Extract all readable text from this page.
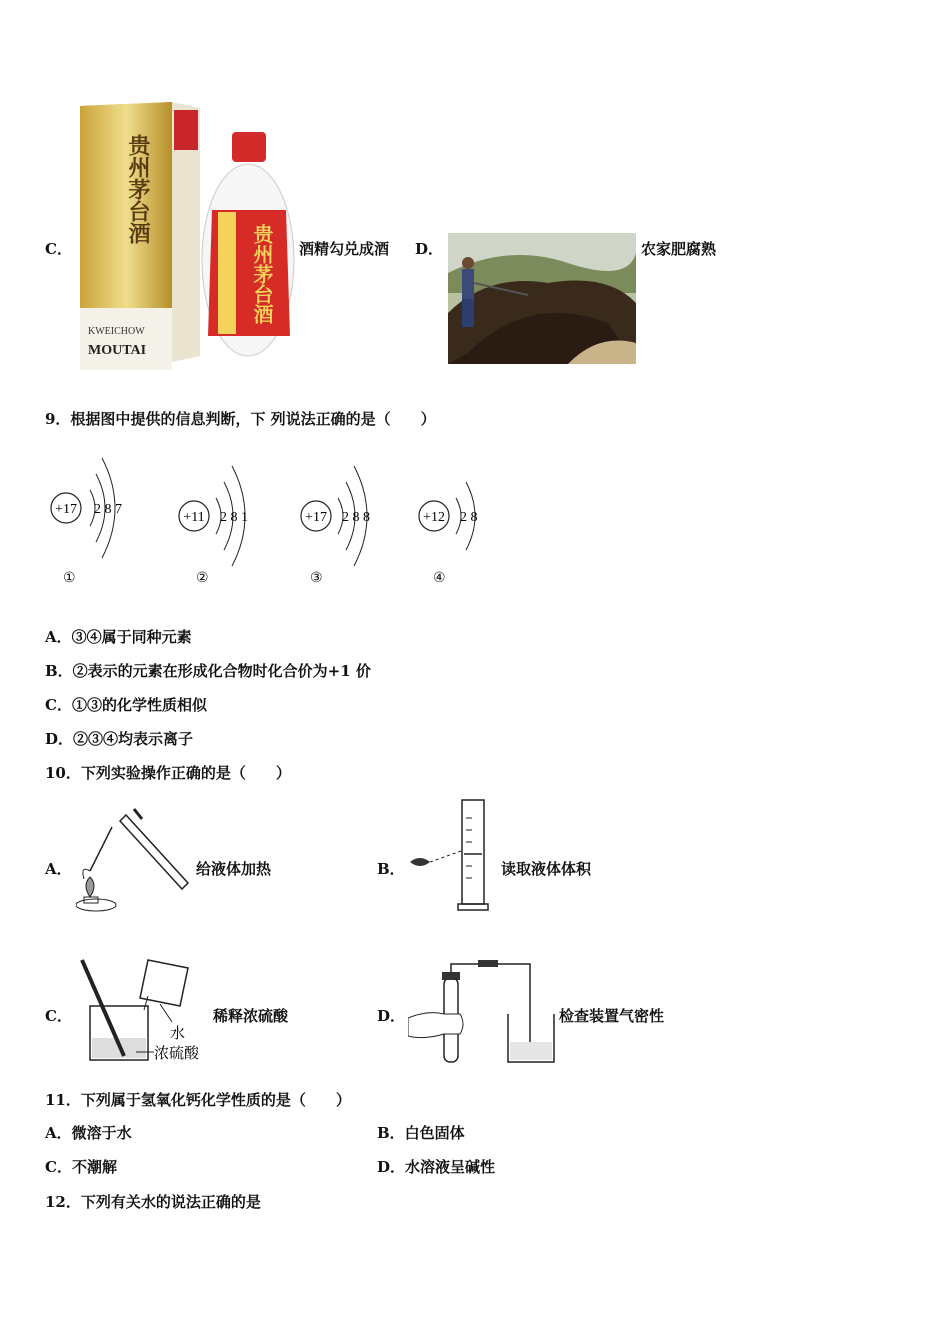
C．
KWEICHOW
MOUTAI
贵州茅台酒
贵州茅台酒 酒精勾兑成酒 D．	农家肥腐熟
9．根据图中提供的信息判断，下 列说法正确的是（　　）
+17 2 8 7
①
+11 2 8 1
②
+17 2 8 8
③
+12 2 8
④
A．③④属于同种元素
B．②表示的元素在形成化合物时化合价为+1 价
C．①③的化学性质相似
D．②③④均表示离子
10．下列实验操作正确的是（　　）
A．	给液体加热	B．	读取液体体积
C．
水
浓硫酸
稀释浓硫酸	D．	检查装置气密性
11．下列属于氢氧化钙化学性质的是（　　）
A．微溶于水	B．白色固体
C．不潮解	D．水溶液呈碱性
12．下列有关水的说法正确的是
